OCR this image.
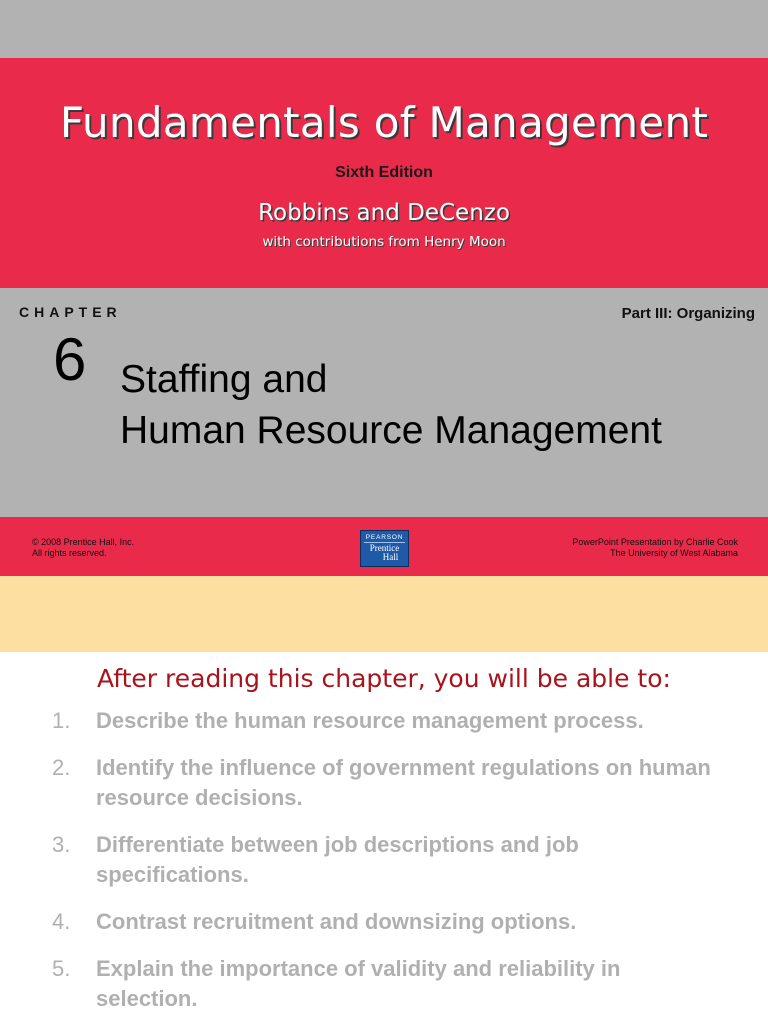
Fundamentals of Management
Sixth Edition
Robbins and DeCenzo
with contributions from Henry Moon
CHAPTER	Part III: Organizing
6 Staffing and
Human Resource Management
© 2008 Prentice Hall, Inc.
All rights reserved.
PEARSON
Prentice
Hall
PowerPoint Presentation by Charlie Cook
The University of West Alabama
After reading this chapter, you will be able to:
1. Describe the human resource management process.
2. Identify the influence of government regulations on human resource decisions.
3. Differentiate between job descriptions and job specifications.
4. Contrast recruitment and downsizing options.
5. Explain the importance of validity and reliability in selection.
